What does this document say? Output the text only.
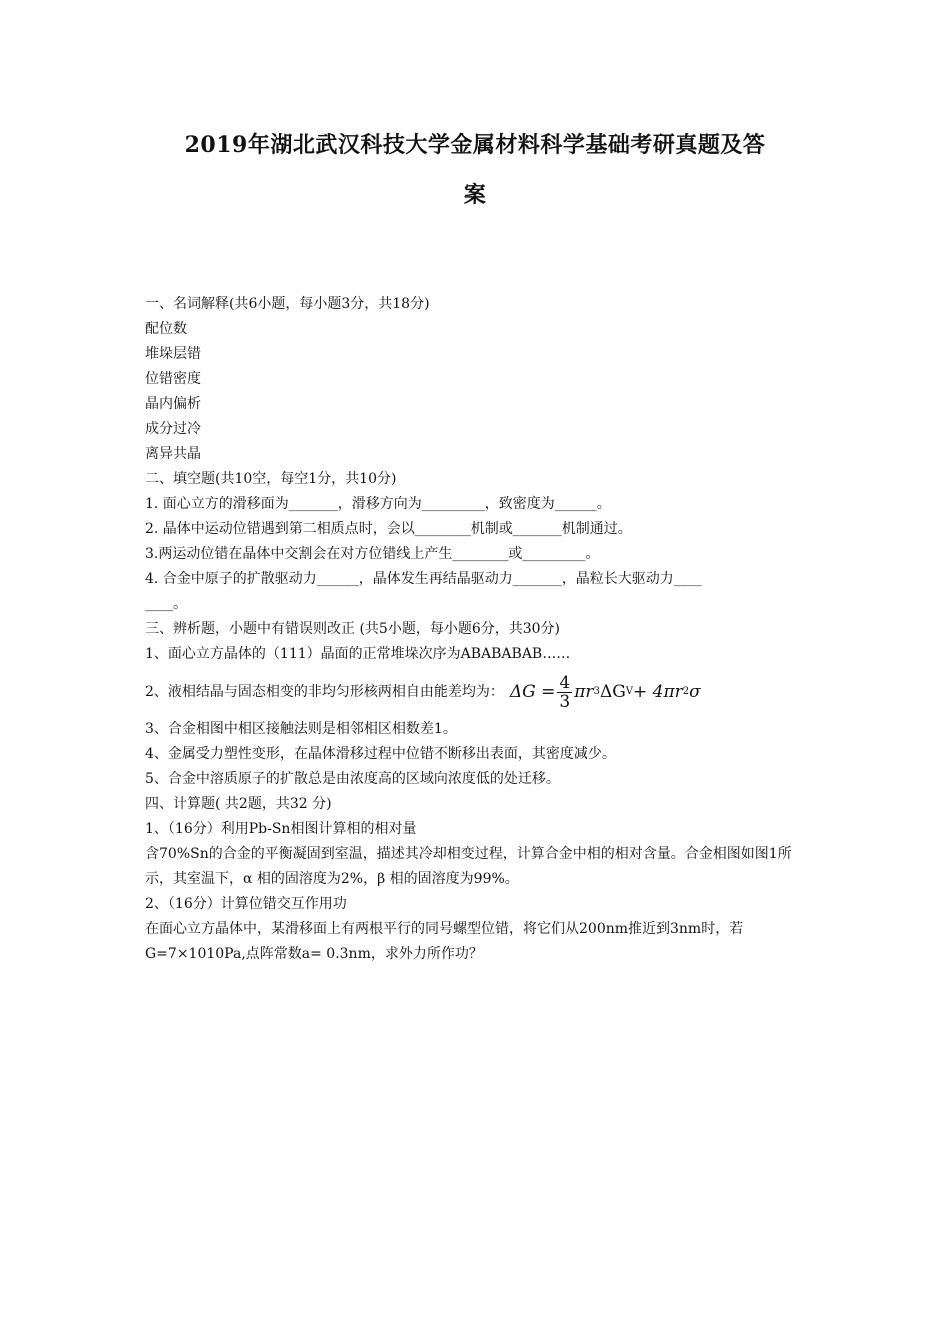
2019年湖北武汉科技大学金属材料科学基础考研真题及答
案
一、名词解释(共6小题，每小题3分，共18分)
配位数
堆垛层错
位错密度
晶内偏析
成分过冷
离异共晶
二、填空题(共10空，每空1分，共10分)
1. 面心立方的滑移面为_______，滑移方向为_________，致密度为______。
2. 晶体中运动位错遇到第二相质点时，会以________机制或_______机制通过。
3.两运动位错在晶体中交割会在对方位错线上产生________或_________。
4. 合金中原子的扩散驱动力______，晶体发生再结晶驱动力_______，晶粒长大驱动力____
____。
三、辨析题，小题中有错误则改正 (共5小题，每小题6分，共30分)
1、面心立方晶体的（111）晶面的正常堆垛次序为ABABABAB……
2、液相结晶与固态相变的非均匀形核两相自由能差均为： $\Delta G = \frac{4}{3}$ πr 3 ΔG V + 4πr 2 σ
3、合金相图中相区接触法则是相邻相区相数差1。
4、金属受力塑性变形，在晶体滑移过程中位错不断移出表面，其密度减少。
5、合金中溶质原子的扩散总是由浓度高的区域向浓度低的处迁移。
四、计算题( 共2题，共32 分)
1、（16分）利用Pb-Sn相图计算相的相对量
含70%Sn的合金的平衡凝固到室温，描述其冷却相变过程，计算合金中相的相对含量。合金相图如图1所示，其室温下，α 相的固溶度为2%，β 相的固溶度为99%。
2、（16分）计算位错交互作用功
在面心立方晶体中，某滑移面上有两根平行的同号螺型位错，将它们从200nm推近到3nm时，若G=7×1010Pa,点阵常数a= 0.3nm，求外力所作功？
